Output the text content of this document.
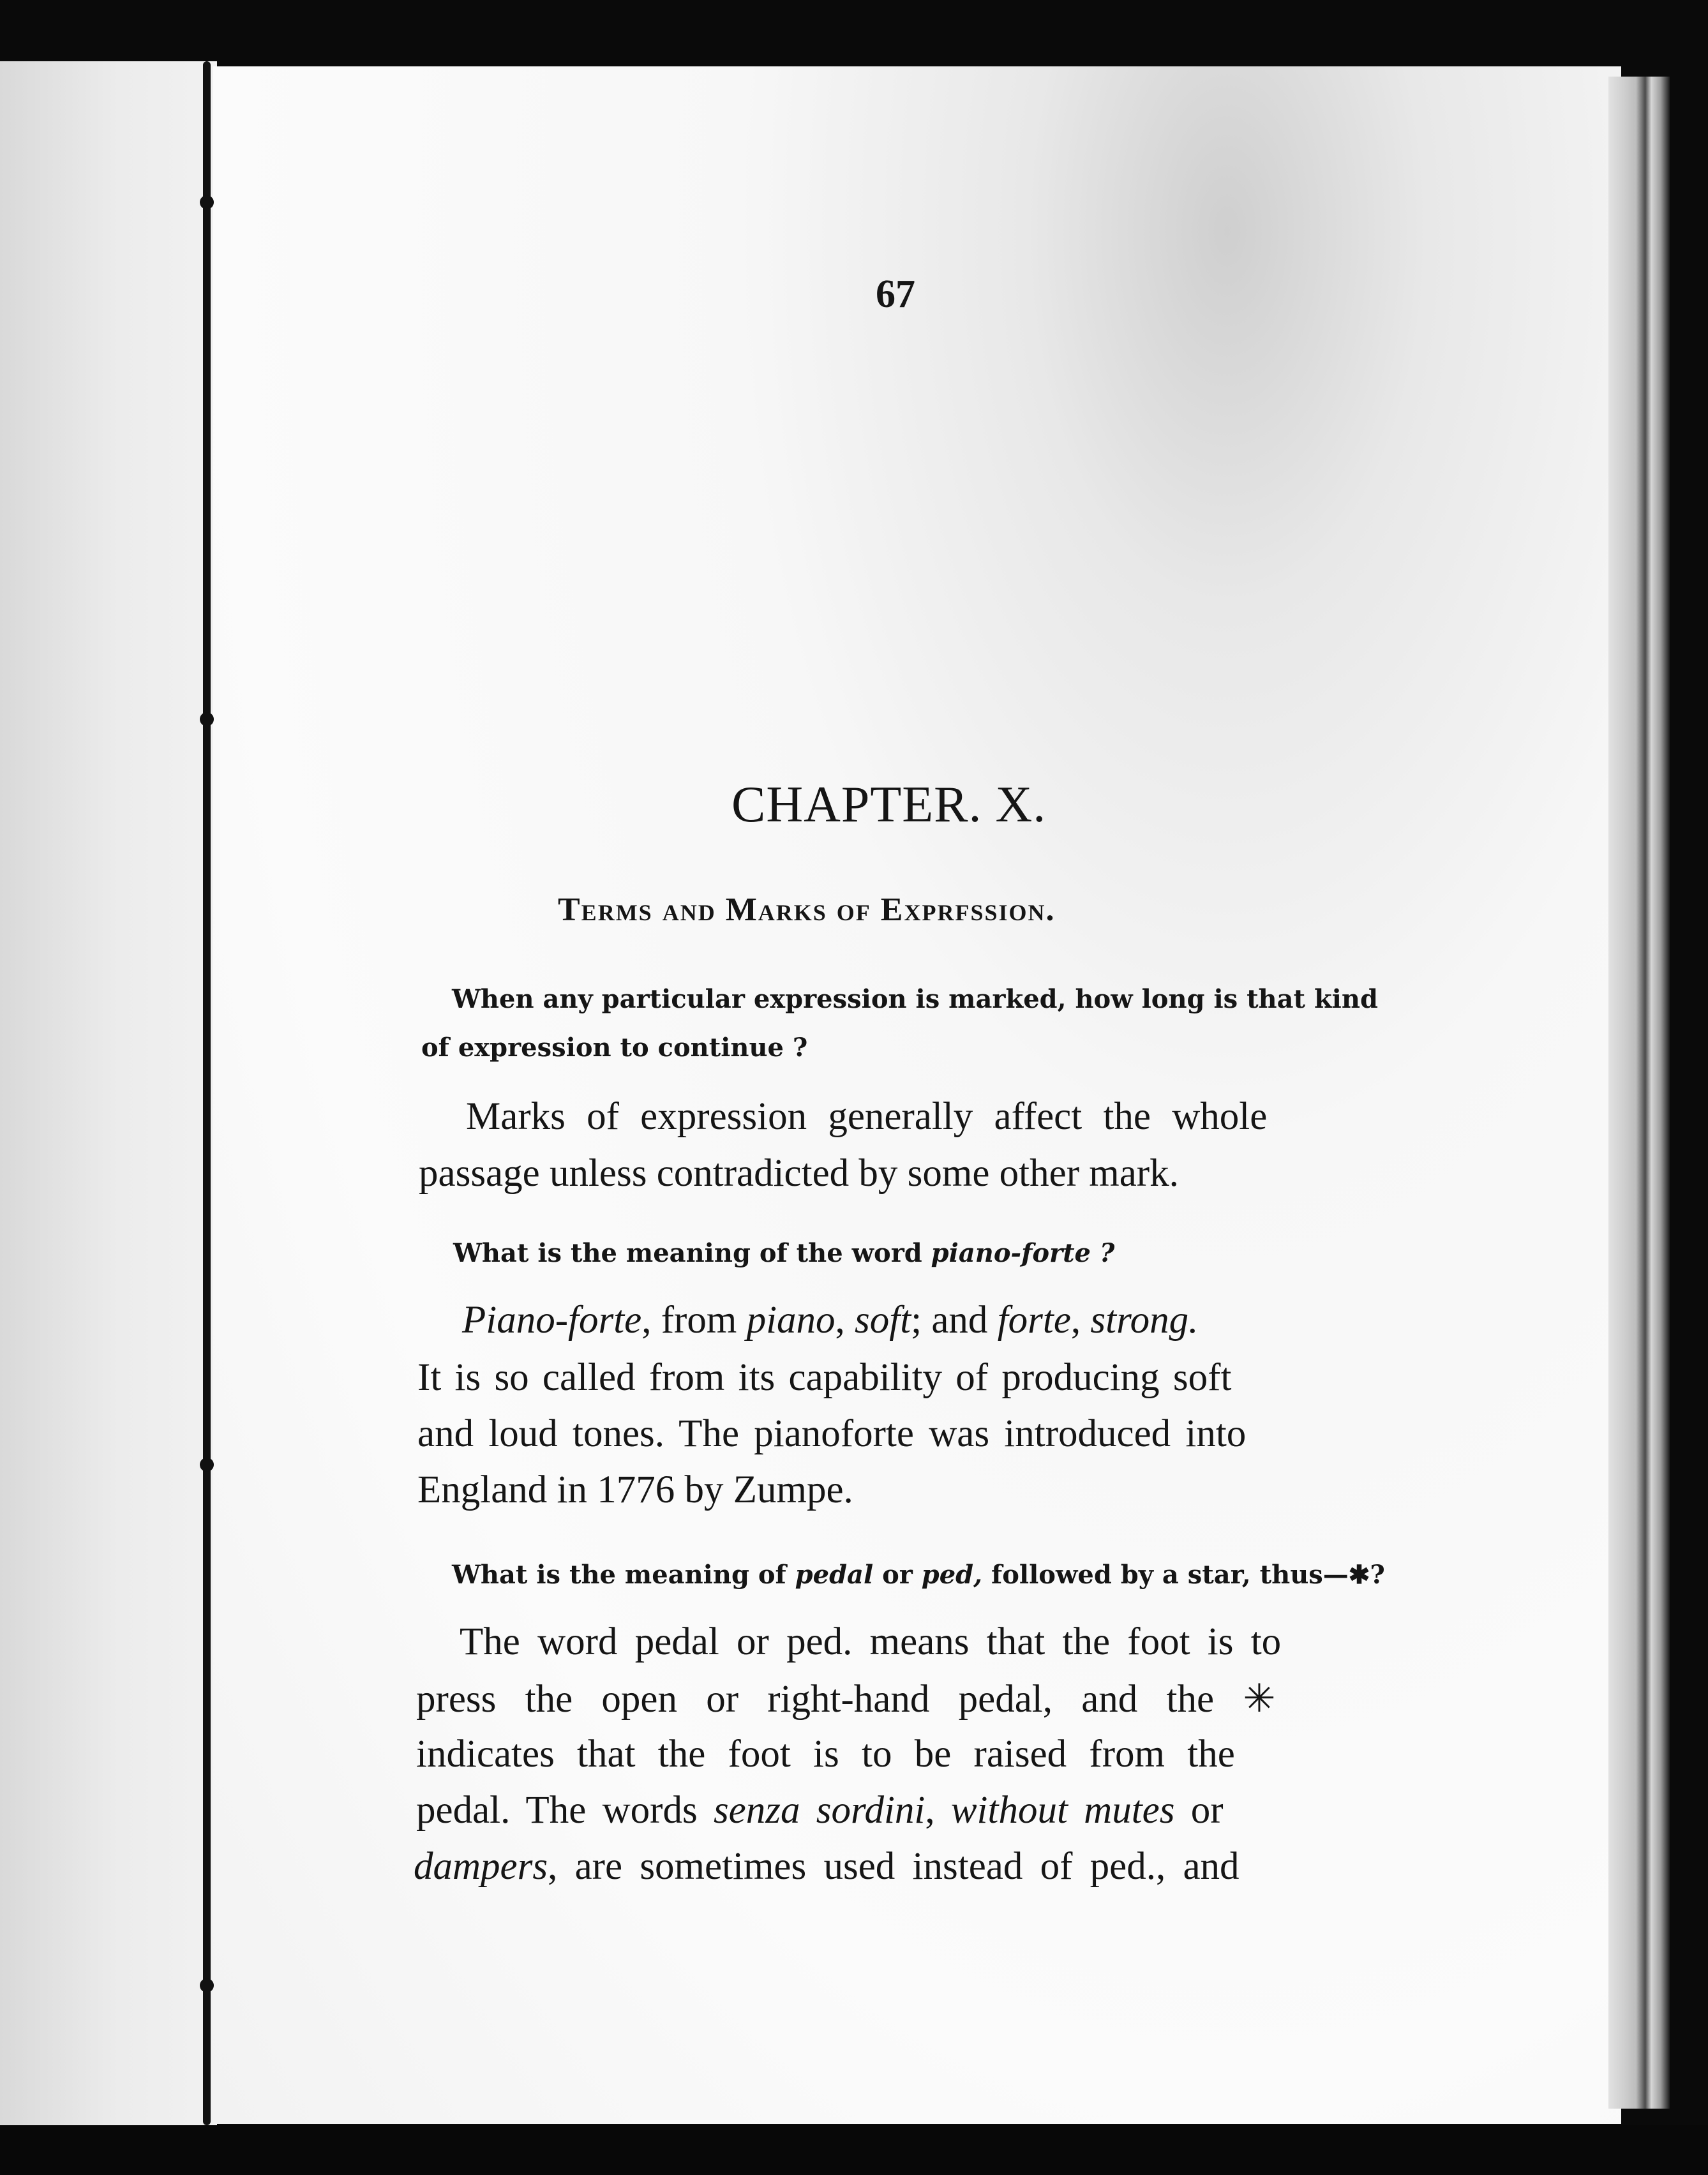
67
CHAPTER. X.
Terms and Marks of Exprfssion.
When any particular expression is marked, how long is that kind
of expression to continue ?
Marks of expression generally affect the whole
passage unless contradicted by some other mark.
What is the meaning of the word piano-forte ?
Piano-forte, from piano, soft; and forte, strong.
It is so called from its capability of producing soft
and loud tones. The pianoforte was introduced into
England in 1776 by Zumpe.
What is the meaning of pedal or ped, followed by a star, thus—✱?
The word pedal or ped. means that the foot is to
press the open or right-hand pedal, and the ✳
indicates that the foot is to be raised from the
pedal. The words senza sordini, without mutes or
dampers, are sometimes used instead of ped., and
